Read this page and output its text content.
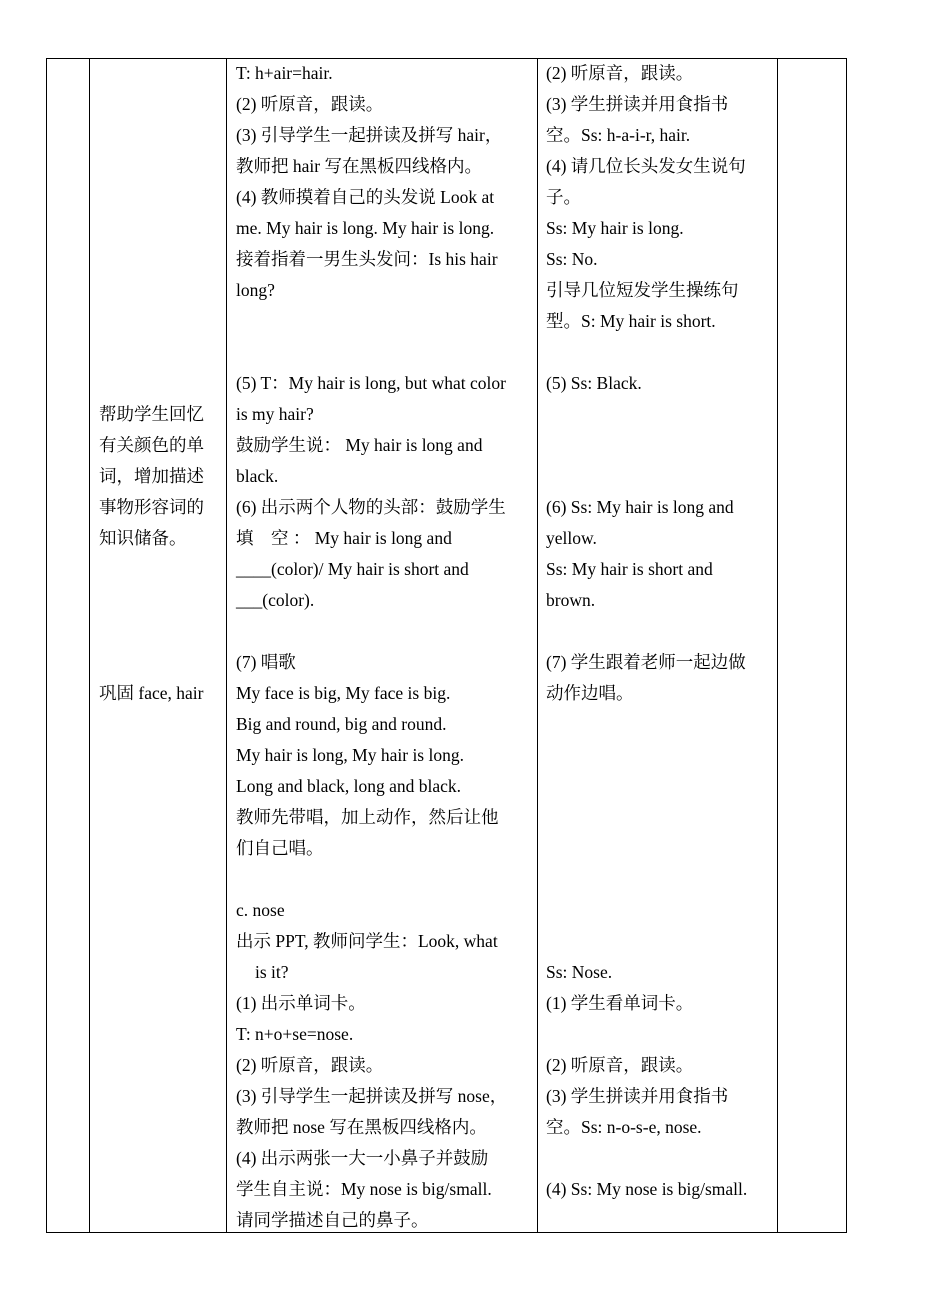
帮助学生回忆

有关颜色的单

词，增加描述

事物形容词的

知识储备。

巩固 face, hair

T: h+air=hair.

(2) 听原音，跟读。

(3) 引导学生一起拼读及拼写 hair，

教师把 hair 写在黑板四线格内。

(4) 教师摸着自己的头发说 Look at

me. My hair is long. My hair is long.

接着指着一男生头发问：Is his hair

long?

(5) T：My hair is long, but what color

is my hair?

鼓励学生说： My hair is long and

black.

(6) 出示两个人物的头部：鼓励学生

填　空 ： My hair is long and

____(color)/ My hair is short and

___(color).

(7) 唱歌

My face is big, My face is big.

Big and round, big and round.

My hair is long, My hair is long.

Long and black, long and black.

教师先带唱，加上动作，然后让他

们自己唱。

c. nose

出示 PPT, 教师问学生：Look, what

is it?

(1) 出示单词卡。

T: n+o+se=nose.

(2) 听原音，跟读。

(3) 引导学生一起拼读及拼写 nose，

教师把 nose 写在黑板四线格内。

(4) 出示两张一大一小鼻子并鼓励

学生自主说：My nose is big/small.

请同学描述自己的鼻子。

(2) 听原音，跟读。

(3) 学生拼读并用食指书

空。Ss: h-a-i-r, hair.

(4) 请几位长头发女生说句

子。

Ss: My hair is long.

Ss: No.

引导几位短发学生操练句

型。S: My hair is short.

(5) Ss: Black.

(6) Ss: My hair is long and

yellow.

Ss: My hair is short and

brown.

(7) 学生跟着老师一起边做

动作边唱。

Ss: Nose.

(1) 学生看单词卡。

(2) 听原音，跟读。

(3) 学生拼读并用食指书

空。Ss: n-o-s-e, nose.

(4) Ss: My nose is big/small.
